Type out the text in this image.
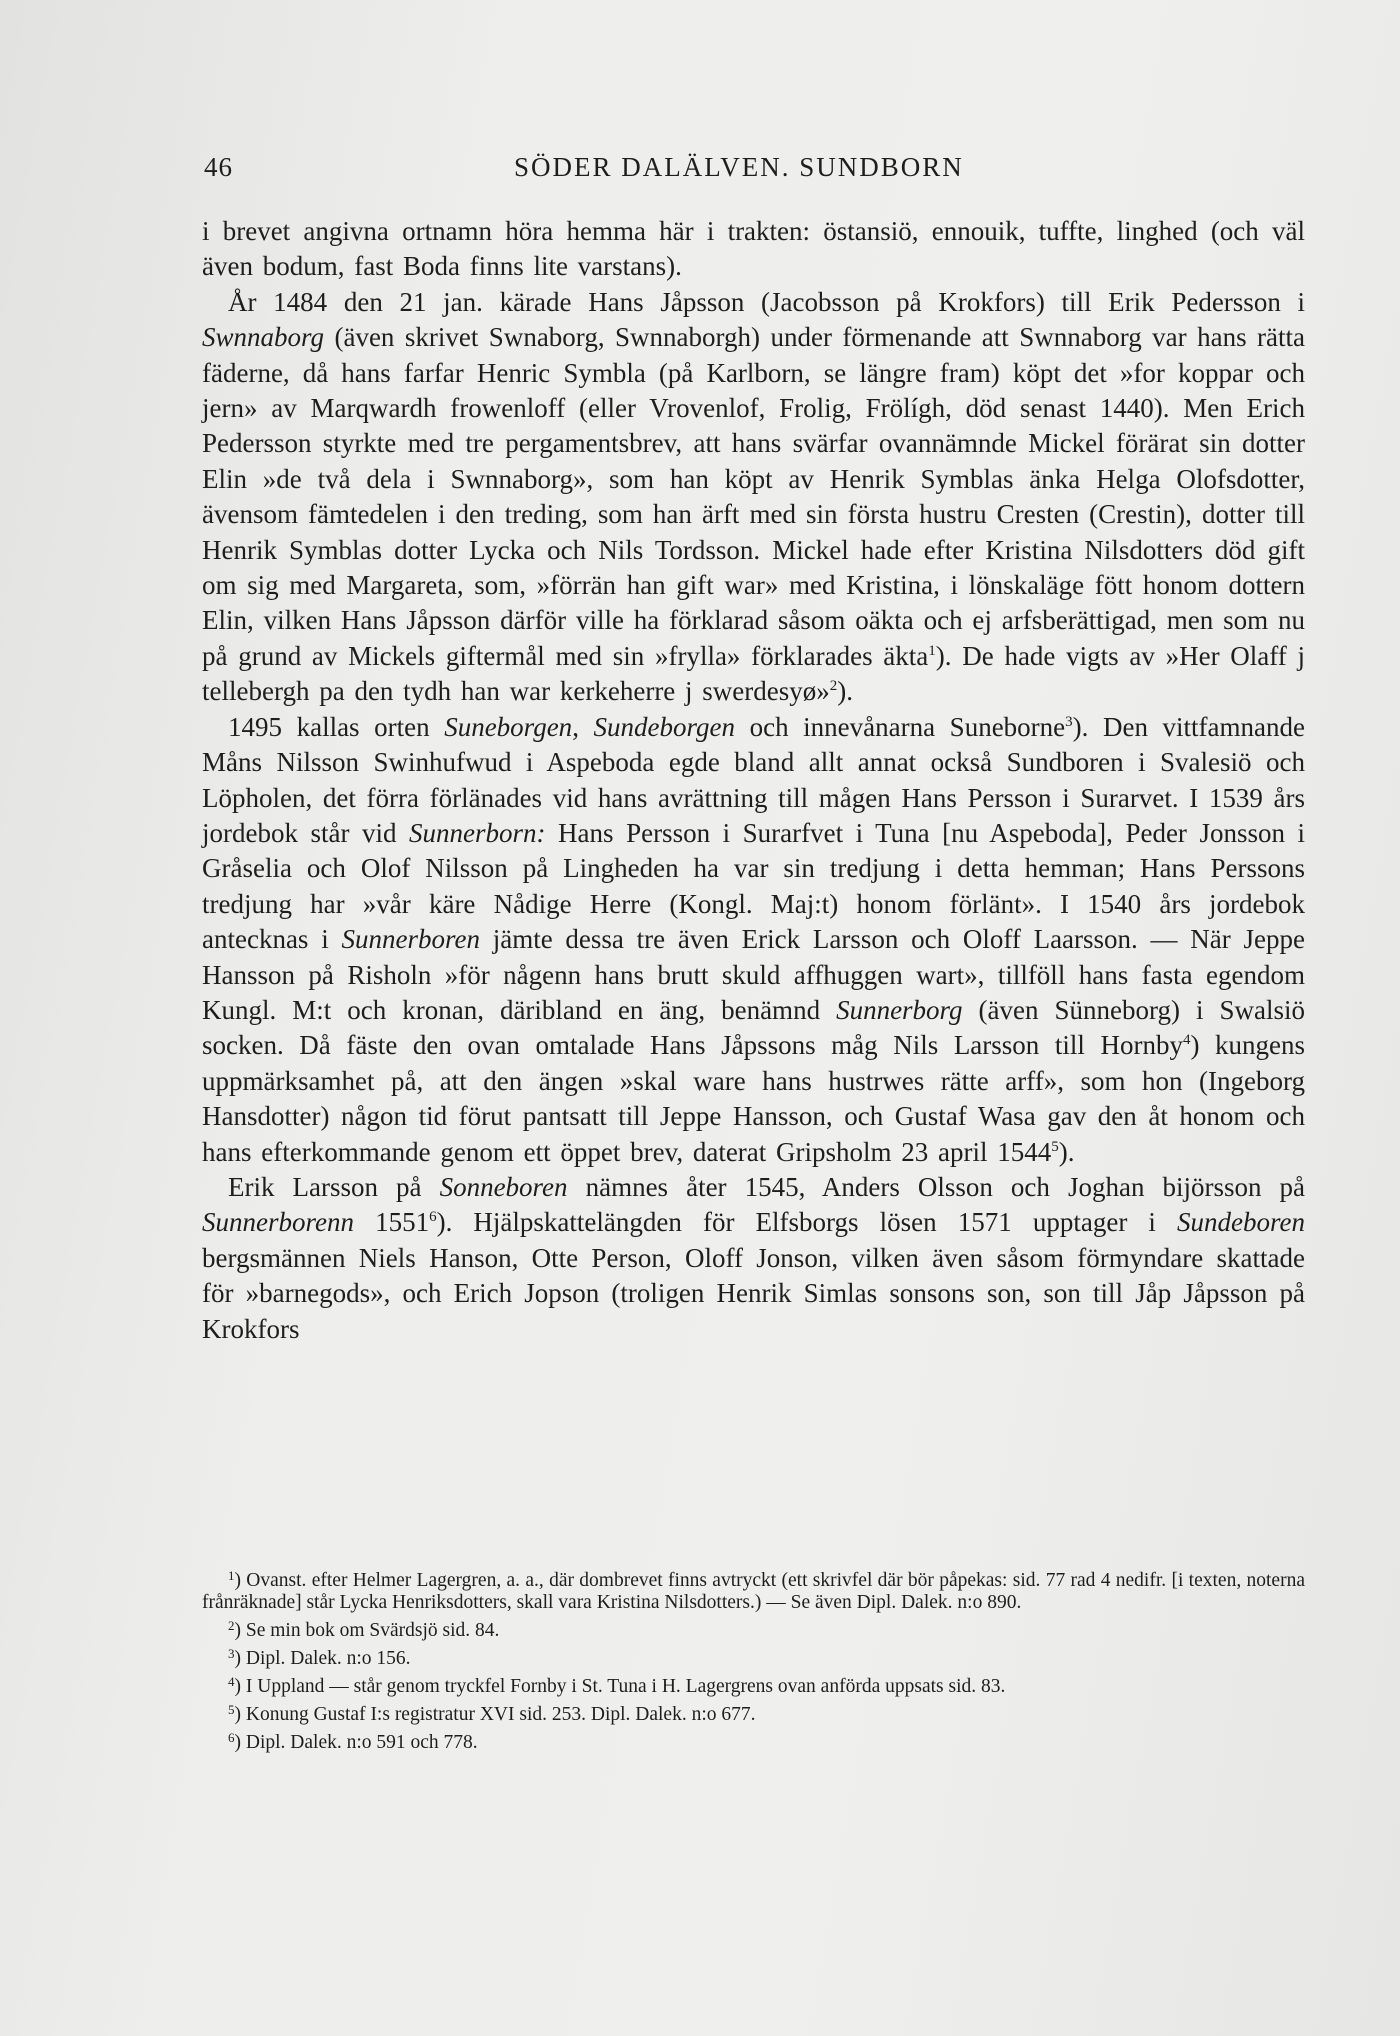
46	SÖDER DALÄLVEN. SUNDBORN

i brevet angivna ortnamn höra hemma här i trakten: östansiö, ennouik, tuffte, linghed (och väl även bodum, fast Boda finns lite varstans).

År 1484 den 21 jan. kärade Hans Jåpsson (Jacobsson på Krokfors) till Erik Pedersson i Swnnaborg (även skrivet Swnaborg, Swnnaborgh) under förmenande att Swnnaborg var hans rätta fäderne, då hans farfar Henric Symbla (på Karlborn, se längre fram) köpt det »for koppar och jern» av Marqwardh frowenloff (eller Vrovenlof, Frolig, Frölígh, död senast 1440). Men Erich Pedersson styrkte med tre pergamentsbrev, att hans svärfar ovannämnde Mickel förärat sin dotter Elin »de två dela i Swnnaborg», som han köpt av Henrik Symblas änka Helga Olofsdotter, ävensom fämtedelen i den treding, som han ärft med sin första hustru Cresten (Crestin), dotter till Henrik Symblas dotter Lycka och Nils Tordsson. Mickel hade efter Kristina Nilsdotters död gift om sig med Margareta, som, »förrän han gift war» med Kristina, i lönskaläge fött honom dottern Elin, vilken Hans Jåpsson därför ville ha förklarad såsom oäkta och ej arfsberättigad, men som nu på grund av Mickels giftermål med sin »frylla» förklarades äkta$^1$). De hade vigts av »Her Olaff j tellebergh pa den tydh han war kerkeherre j swerdesyø»$^2$).

1495 kallas orten Suneborgen, Sundeborgen och innevånarna Suneborne$^3$). Den vittfamnande Måns Nilsson Swinhufwud i Aspeboda egde bland allt annat också Sundboren i Svalesiö och Löpholen, det förra förlänades vid hans avrättning till mågen Hans Persson i Surarvet. I 1539 års jordebok står vid Sunnerborn: Hans Persson i Surarfvet i Tuna [nu Aspeboda], Peder Jonsson i Gråselia och Olof Nilsson på Lingheden ha var sin tredjung i detta hemman; Hans Perssons tredjung har »vår käre Nådige Herre (Kongl. Maj:t) honom förlänt». I 1540 års jordebok antecknas i Sunnerboren jämte dessa tre även Erick Larsson och Oloff Laarsson. — När Jeppe Hansson på Risholn »för någenn hans brutt skuld affhuggen wart», tillföll hans fasta egendom Kungl. M:t och kronan, däribland en äng, benämnd Sunnerborg (även Sünneborg) i Swalsiö socken. Då fäste den ovan omtalade Hans Jåpssons måg Nils Larsson till Hornby$^4$) kungens uppmärksamhet på, att den ängen »skal ware hans hustrwes rätte arff», som hon (Ingeborg Hansdotter) någon tid förut pantsatt till Jeppe Hansson, och Gustaf Wasa gav den åt honom och hans efterkommande genom ett öppet brev, daterat Gripsholm 23 april 1544$^5$).

Erik Larsson på Sonneboren nämnes åter 1545, Anders Olsson och Joghan bijörsson på Sunnerborenn 1551$^6$). Hjälpskattelängden för Elfsborgs lösen 1571 upptager i Sundeboren bergsmännen Niels Hanson, Otte Person, Oloff Jonson, vilken även såsom förmyndare skattade för »barnegods», och Erich Jopson (troligen Henrik Simlas sonsons son, son till Jåp Jåpsson på Krokfors

$^1$) Ovanst. efter Helmer Lagergren, a. a., där dombrevet finns avtryckt (ett skrivfel där bör påpekas: sid. 77 rad 4 nedifr. [i texten, noterna frånräknade] står Lycka Henriksdotters, skall vara Kristina Nilsdotters.) — Se även Dipl. Dalek. n:o 890.

$^2$) Se min bok om Svärdsjö sid. 84.

$^3$) Dipl. Dalek. n:o 156.

$^4$) I Uppland — står genom tryckfel Fornby i St. Tuna i H. Lagergrens ovan anförda uppsats sid. 83.

$^5$) Konung Gustaf I:s registratur XVI sid. 253. Dipl. Dalek. n:o 677.

$^6$) Dipl. Dalek. n:o 591 och 778.
